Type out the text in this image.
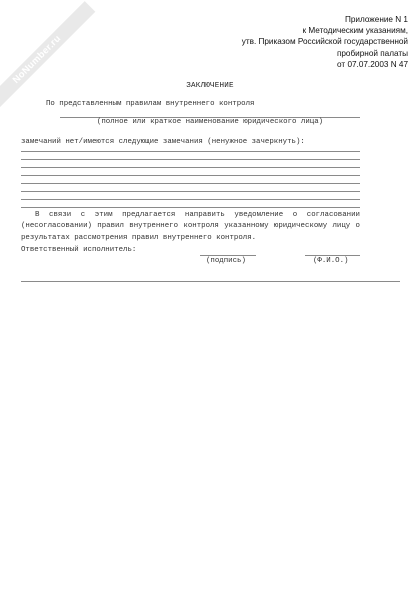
NoNumber.ru
Приложение N 1
к Методическим указаниям,
утв. Приказом Российской государственной
пробирной палаты
от 07.07.2003 N 47
ЗАКЛЮЧЕНИЕ
По представленным правилам внутреннего контроля
(полное или краткое наименование юридического лица)
замечаний нет/имеются следующие замечания (ненужное зачеркнуть):
В связи с этим предлагается направить уведомление о согласовании (несогласовании) правил внутреннего контроля указанному юридическому лицу о результатах рассмотрения правил внутреннего контроля.
Ответственный исполнитель:
(подпись)	(Ф.И.О.)
